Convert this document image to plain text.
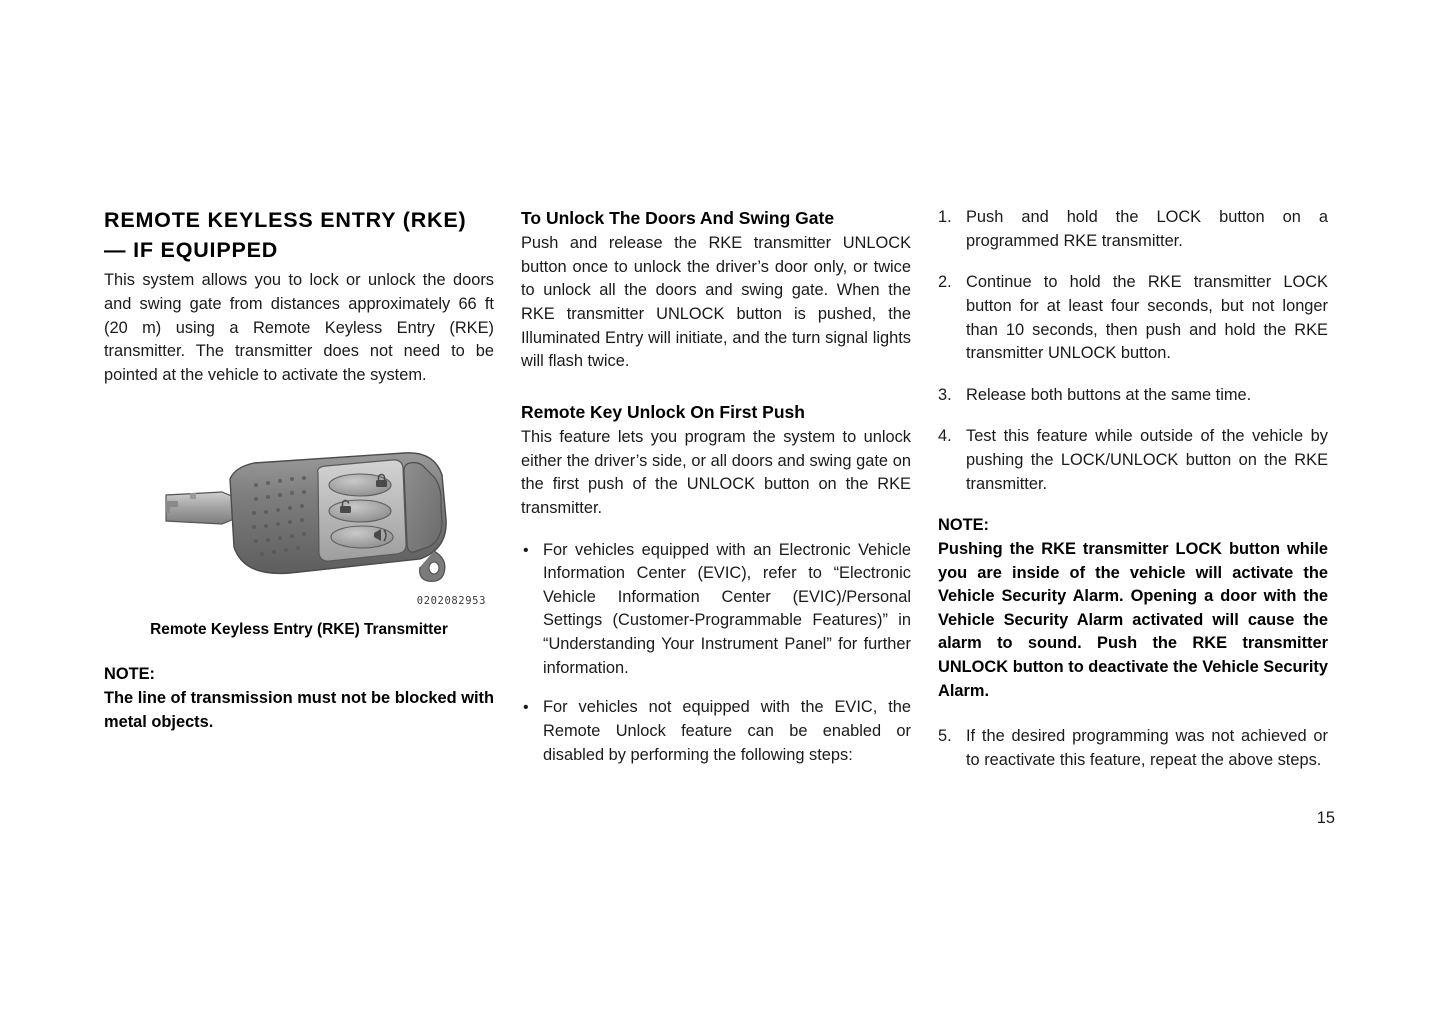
REMOTE KEYLESS ENTRY (RKE) — IF EQUIPPED

This system allows you to lock or unlock the doors and swing gate from distances approximately 66 ft (20 m) using a Remote Keyless Entry (RKE) transmitter. The transmitter does not need to be pointed at the vehicle to activate the system.

0202082953
Remote Keyless Entry (RKE) Transmitter

NOTE:

The line of transmission must not be blocked with metal objects.

To Unlock The Doors And Swing Gate

Push and release the RKE transmitter UNLOCK button once to unlock the driver’s door only, or twice to unlock all the doors and swing gate. When the RKE transmitter UNLOCK button is pushed, the Illuminated Entry will initiate, and the turn signal lights will flash twice.

Remote Key Unlock On First Push

This feature lets you program the system to unlock either the driver’s side, or all doors and swing gate on the first push of the UNLOCK button on the RKE transmitter.

• For vehicles equipped with an Electronic Vehicle Information Center (EVIC), refer to “Electronic Vehicle Information Center (EVIC)/Personal Settings (Customer-Programmable Features)” in “Understanding Your Instrument Panel” for further information.
• For vehicles not equipped with the EVIC, the Remote Unlock feature can be enabled or disabled by performing the following steps:
1. Push and hold the LOCK button on a programmed RKE transmitter.
2. Continue to hold the RKE transmitter LOCK button for at least four seconds, but not longer than 10 seconds, then push and hold the RKE transmitter UNLOCK button.
3. Release both buttons at the same time.
4. Test this feature while outside of the vehicle by pushing the LOCK/UNLOCK button on the RKE transmitter.

NOTE:

Pushing the RKE transmitter LOCK button while you are inside of the vehicle will activate the Vehicle Security Alarm. Opening a door with the Vehicle Security Alarm activated will cause the alarm to sound. Push the RKE transmitter UNLOCK button to deactivate the Vehicle Security Alarm.

5. If the desired programming was not achieved or to reactivate this feature, repeat the above steps.
15
